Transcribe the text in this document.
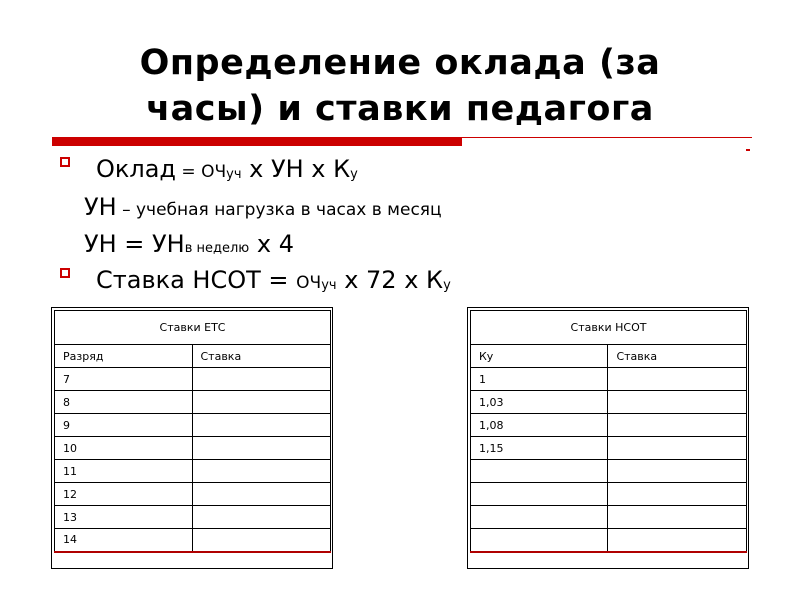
Определение оклада (за
часы) и ставки педагога
Оклад = ОЧуч х УН х Ку
УН – учебная нагрузка в часах в месяц
УН = УНв неделю х 4
Ставка НСОТ = ОЧуч х 72 х Ку
Ставки ЕТС	
Разряд	Ставка
7	
8	
9	
10	
11	
12	
13	
14	
Ставки НСОТ	
Ку	Ставка
1	
1,03	
1,08	
1,15	
